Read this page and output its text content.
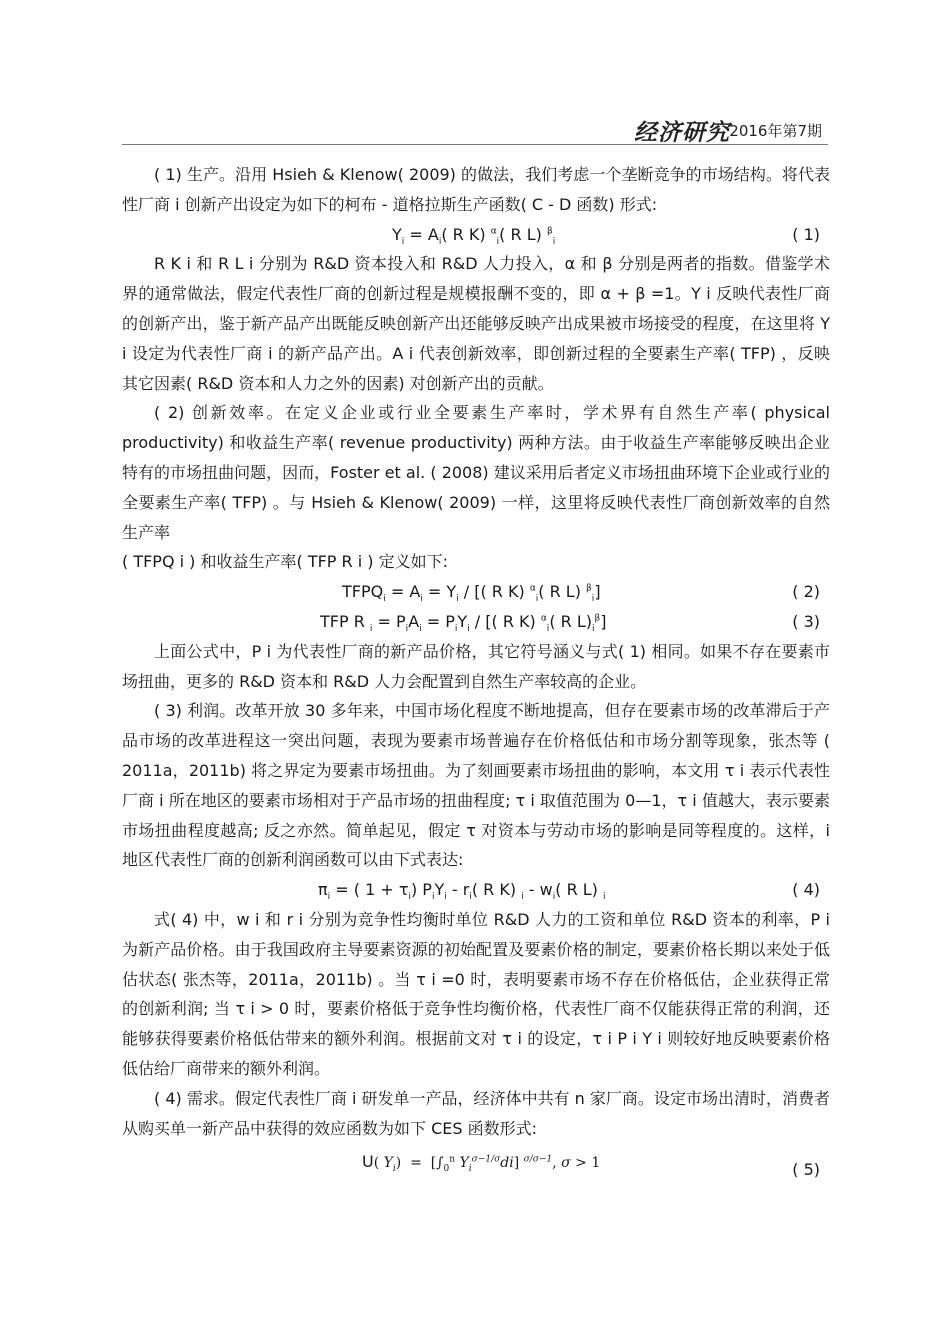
经济研究 2016年第7期

( 1) 生产。沿用 Hsieh & Klenow( 2009) 的做法，我们考虑一个垄断竞争的市场结构。将代表性厂商 i 创新产出设定为如下的柯布 - 道格拉斯生产函数( C - D 函数) 形式:

$Y_i = A_i$( R K) $^\alpha_i$( R L) $^\beta_i$	( 1)

R K i 和 R L i 分别为 R&D 资本投入和 R&D 人力投入，α 和 β 分别是两者的指数。借鉴学术界的通常做法，假定代表性厂商的创新过程是规模报酬不变的，即 α + β =1。Y i 反映代表性厂商的创新产出，鉴于新产品产出既能反映创新产出还能够反映产出成果被市场接受的程度，在这里将 Y i 设定为代表性厂商 i 的新产品产出。A i 代表创新效率，即创新过程的全要素生产率( TFP) ，反映其它因素( R&D 资本和人力之外的因素) 对创新产出的贡献。

( 2) 创新效率。在定义企业或行业全要素生产率时，学术界有自然生产率( physical productivity) 和收益生产率( revenue productivity) 两种方法。由于收益生产率能够反映出企业特有的市场扭曲问题，因而，Foster et al. ( 2008) 建议采用后者定义市场扭曲环境下企业或行业的全要素生产率( TFP) 。与 Hsieh & Klenow( 2009) 一样，这里将反映代表性厂商创新效率的自然生产率

( TFPQ i ) 和收益生产率( TFP R i ) 定义如下:

$TFPQ_i = A_i = Y_i$ / [( R K) $^\alpha_i$( R L) $^\beta_i$]	( 2)
TFP R $_i = P_iA_i = P_iY_i$ / [( R K) $^\alpha_i$( R $L)_i^\beta$]	( 3)

上面公式中，P i 为代表性厂商的新产品价格，其它符号涵义与式( 1) 相同。如果不存在要素市场扭曲，更多的 R&D 资本和 R&D 人力会配置到自然生产率较高的企业。

( 3) 利润。改革开放 30 多年来，中国市场化程度不断地提高，但存在要素市场的改革滞后于产品市场的改革进程这一突出问题，表现为要素市场普遍存在价格低估和市场分割等现象，张杰等 ( 2011a，2011b) 将之界定为要素市场扭曲。为了刻画要素市场扭曲的影响，本文用 τ i 表示代表性厂商 i 所在地区的要素市场相对于产品市场的扭曲程度; τ i 取值范围为 0—1，τ i 值越大，表示要素市场扭曲程度越高; 反之亦然。简单起见，假定 τ 对资本与劳动市场的影响是同等程度的。这样，i 地区代表性厂商的创新利润函数可以由下式表达:

$\pi_i$ = ( $1 + \tau_i$) $P_iY_i - r_i$( R K) $_i - w_i$( R L) $_i$	( 4)

式( 4) 中，w i 和 r i 分别为竞争性均衡时单位 R&D 人力的工资和单位 R&D 资本的利率，P i 为新产品价格。由于我国政府主导要素资源的初始配置及要素价格的制定，要素价格长期以来处于低估状态( 张杰等，2011a，2011b) 。当 τ i =0 时，表明要素市场不存在价格低估，企业获得正常的创新利润; 当 τ i > 0 时，要素价格低于竞争性均衡价格，代表性厂商不仅能获得正常的利润，还能够获得要素价格低估带来的额外利润。根据前文对 τ i 的设定，τ i P i Y i 则较好地反映要素价格低估给厂商带来的额外利润。

( 4) 需求。假定代表性厂商 i 研发单一产品，经济体中共有 n 家厂商。设定市场出清时，消费者从购买单一新产品中获得的效应函数为如下 CES 函数形式:

U( $Y_i) = [\int_0^n$ $Y_i^{\sigma-1/\sigma}di$] $^{\sigma/\sigma-1}$, σ > 1	( 5)
